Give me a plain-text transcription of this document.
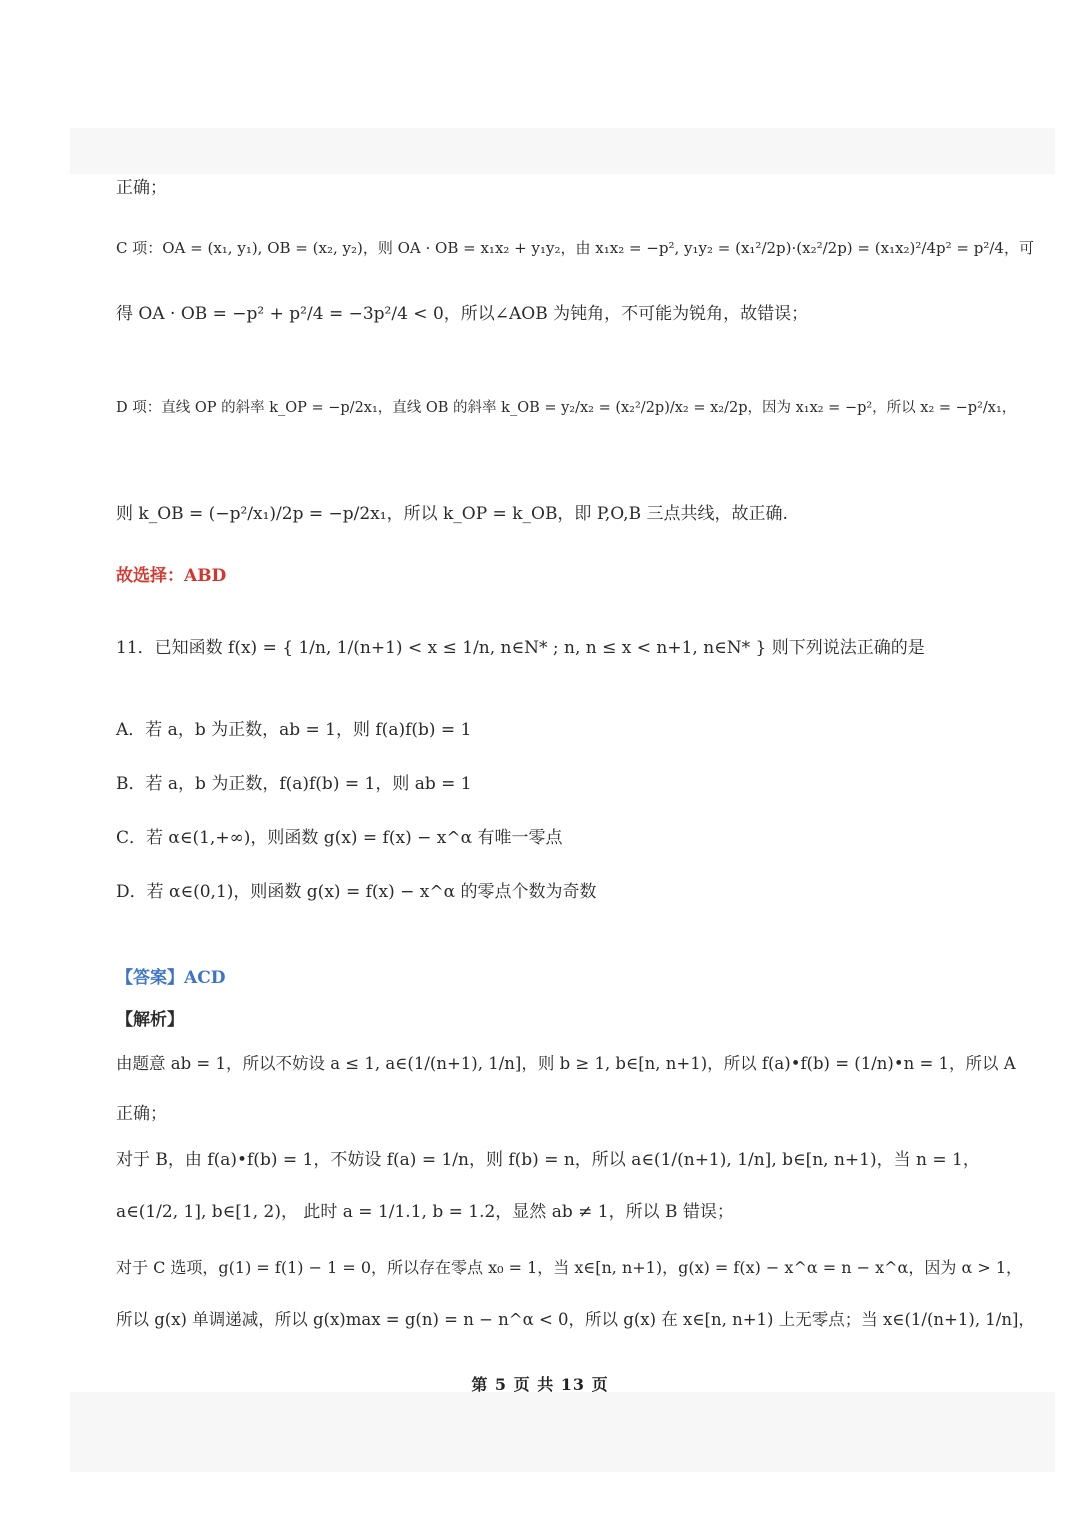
正确；
C 项：OA = (x₁, y₁), OB = (x₂, y₂)，则 OA · OB = x₁x₂ + y₁y₂，由 x₁x₂ = −p², y₁y₂ = (x₁²/2p)·(x₂²/2p) = (x₁x₂)²/4p² = p²/4，可
得 OA · OB = −p² + p²/4 = −3p²/4 < 0，所以∠AOB 为钝角，不可能为锐角，故错误；
D 项：直线 OP 的斜率 k_OP = −p/2x₁，直线 OB 的斜率 k_OB = y₂/x₂ = (x₂²/2p)/x₂ = x₂/2p，因为 x₁x₂ = −p²，所以 x₂ = −p²/x₁，
则 k_OB = (−p²/x₁)/2p = −p/2x₁，所以 k_OP = k_OB，即 P,O,B 三点共线，故正确.
故选择：ABD
11．已知函数 f(x) = { 1/n, 1/(n+1) < x ≤ 1/n, n∈N* ; n, n ≤ x < n+1, n∈N* } 则下列说法正确的是
A．若 a，b 为正数，ab = 1，则 f(a)f(b) = 1
B．若 a，b 为正数，f(a)f(b) = 1，则 ab = 1
C．若 α∈(1,+∞)，则函数 g(x) = f(x) − x^α 有唯一零点
D．若 α∈(0,1)，则函数 g(x) = f(x) − x^α 的零点个数为奇数
【答案】ACD
【解析】
由题意 ab = 1，所以不妨设 a ≤ 1, a∈(1/(n+1), 1/n]，则 b ≥ 1, b∈[n, n+1)，所以 f(a)•f(b) = (1/n)•n = 1，所以 A
正确；
对于 B，由 f(a)•f(b) = 1，不妨设 f(a) = 1/n，则 f(b) = n，所以 a∈(1/(n+1), 1/n], b∈[n, n+1)，当 n = 1，
a∈(1/2, 1], b∈[1, 2)， 此时 a = 1/1.1, b = 1.2，显然 ab ≠ 1，所以 B 错误；
对于 C 选项，g(1) = f(1) − 1 = 0，所以存在零点 x₀ = 1，当 x∈[n, n+1)，g(x) = f(x) − x^α = n − x^α，因为 α > 1，
所以 g(x) 单调递减，所以 g(x)max = g(n) = n − n^α < 0，所以 g(x) 在 x∈[n, n+1) 上无零点；当 x∈(1/(n+1), 1/n]，
第 5 页 共 13 页
